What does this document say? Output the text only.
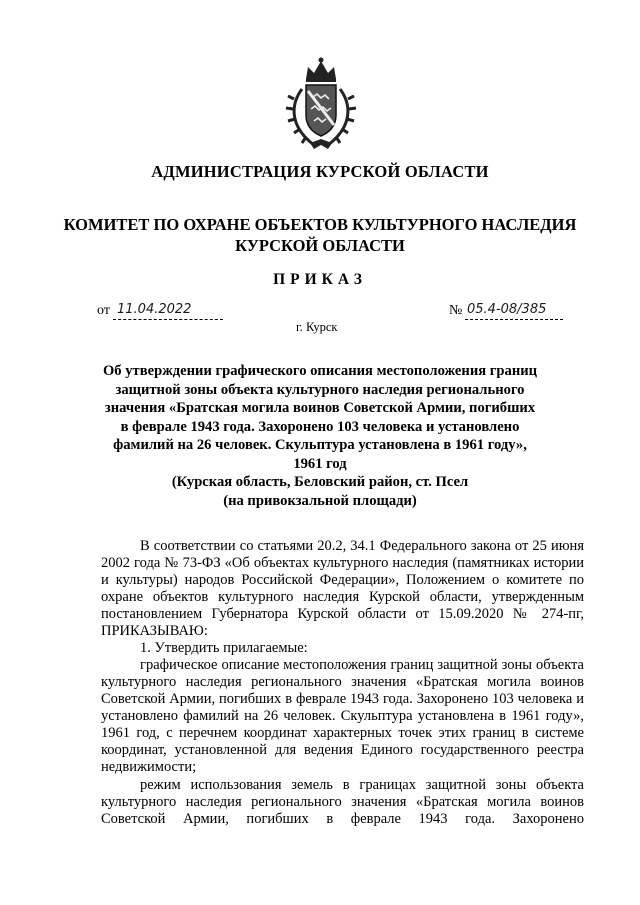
АДМИНИСТРАЦИЯ КУРСКОЙ ОБЛАСТИ
КОМИТЕТ ПО ОХРАНЕ ОБЪЕКТОВ КУЛЬТУРНОГО НАСЛЕДИЯ
КУРСКОЙ ОБЛАСТИ
ПРИКАЗ
от 11.04.2022	№ 05.4-08/385
г. Курск
Об утверждении графического описания местоположения границ
защитной зоны объекта культурного наследия регионального
значения «Братская могила воинов Советской Армии, погибших
в феврале 1943 года. Захоронено 103 человека и установлено
фамилий на 26 человек. Скульптура установлена в 1961 году»,
1961 год
(Курская область, Беловский район, ст. Псел
(на привокзальной площади)
В соответствии со статьями 20.2, 34.1 Федерального закона от 25 июня 2002 года № 73-ФЗ «Об объектах культурного наследия (памятниках истории и культуры) народов Российской Федерации», Положением о комитете по охране объектов культурного наследия Курской области, утвержденным постановлением Губернатора Курской области от 15.09.2020 № 274-пг, ПРИКАЗЫВАЮ:
1. Утвердить прилагаемые:
графическое описание местоположения границ защитной зоны объекта культурного наследия регионального значения «Братская могила воинов Советской Армии, погибших в феврале 1943 года. Захоронено 103 человека и установлено фамилий на 26 человек. Скульптура установлена в 1961 году», 1961 год, с перечнем координат характерных точек этих границ в системе координат, установленной для ведения Единого государственного реестра недвижимости;
режим использования земель в границах защитной зоны объекта культурного наследия регионального значения «Братская могила воинов Советской Армии, погибших в феврале 1943 года. Захоронено
